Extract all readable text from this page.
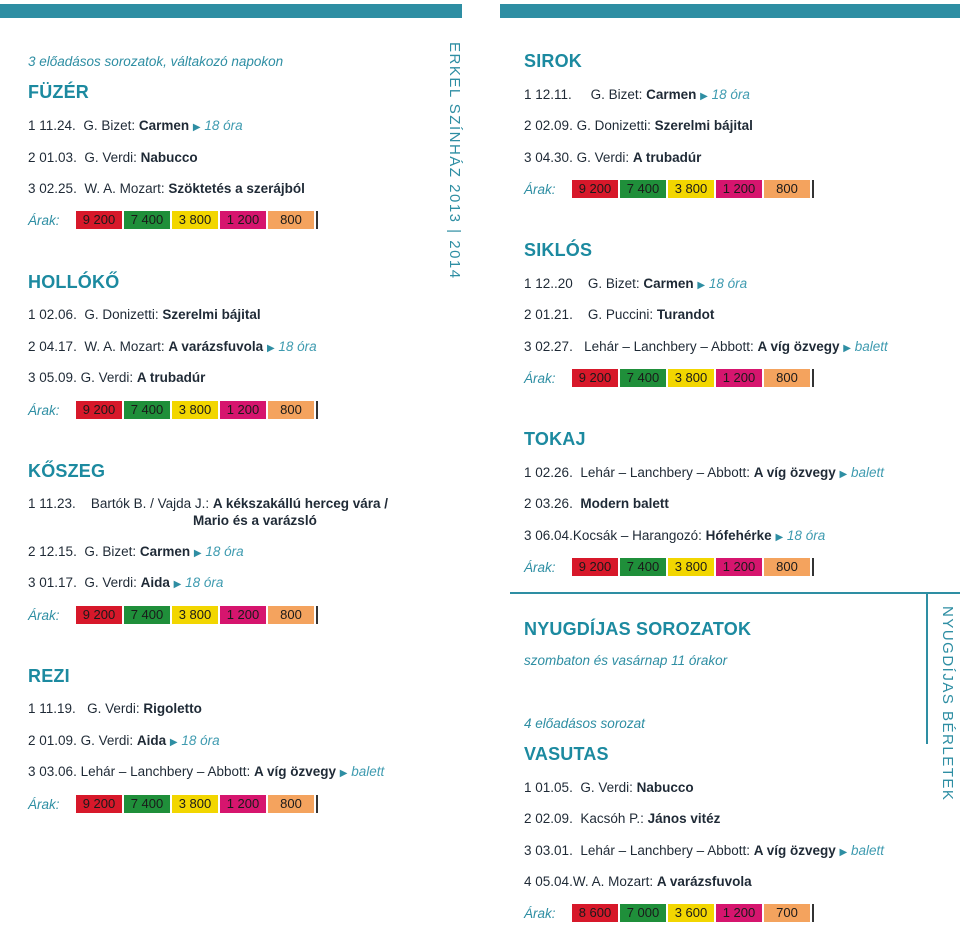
3 előadásos sorozatok, váltakozó napokon
FÜZÉR
1 11.24. G. Bizet: Carmen ▶ 18 óra
2 01.03. G. Verdi: Nabucco
3 02.25. W. A. Mozart: Szöktetés a szerájból
Árak:	9 200	7 400	3 800	1 200	800
HOLLÓKŐ
1 02.06. G. Donizetti: Szerelmi bájital
2 04.17. W. A. Mozart: A varázsfuvola ▶ 18 óra
3 05.09. G. Verdi: A trubadúr
Árak:	9 200	7 400	3 800	1 200	800
KŐSZEG
1 11.23. Bartók B. / Vajda J.: A kékszakállú herceg vára /
Mario és a varázsló
2 12.15. G. Bizet: Carmen ▶ 18 óra
3 01.17. G. Verdi: Aida ▶ 18 óra
Árak:	9 200	7 400	3 800	1 200	800
REZI
1 11.19. G. Verdi: Rigoletto
2 01.09. G. Verdi: Aida ▶ 18 óra
3 03.06. Lehár – Lanchbery – Abbott: A víg özvegy ▶ balett
Árak:	9 200	7 400	3 800	1 200	800
ERKEL SZÍNHÁZ 2013 | 2014	SIROK
1 12.11. G. Bizet: Carmen ▶ 18 óra
2 02.09. G. Donizetti: Szerelmi bájital
3 04.30. G. Verdi: A trubadúr
Árak:	9 200	7 400	3 800	1 200	800
SIKLÓS
1 12..20 G. Bizet: Carmen ▶ 18 óra
2 01.21. G. Puccini: Turandot
3 02.27. Lehár – Lanchbery – Abbott: A víg özvegy ▶ balett
Árak:	9 200	7 400	3 800	1 200	800
TOKAJ
1 02.26. Lehár – Lanchbery – Abbott: A víg özvegy ▶ balett
2 03.26. Modern balett
3 06.04.Kocsák – Harangozó: Hófehérke ▶ 18 óra
Árak:	9 200	7 400	3 800	1 200	800
NYUGDÍJAS SOROZATOK
szombaton és vasárnap 11 órakor
4 előadásos sorozat
VASUTAS
1 01.05. G. Verdi: Nabucco
2 02.09. Kacsóh P.: János vitéz
3 03.01. Lehár – Lanchbery – Abbott: A víg özvegy ▶ balett
4 05.04.W. A. Mozart: A varázsfuvola
Árak:	8 600	7 000	3 600	1 200	700
NYUGDÍJAS BÉRLETEK
